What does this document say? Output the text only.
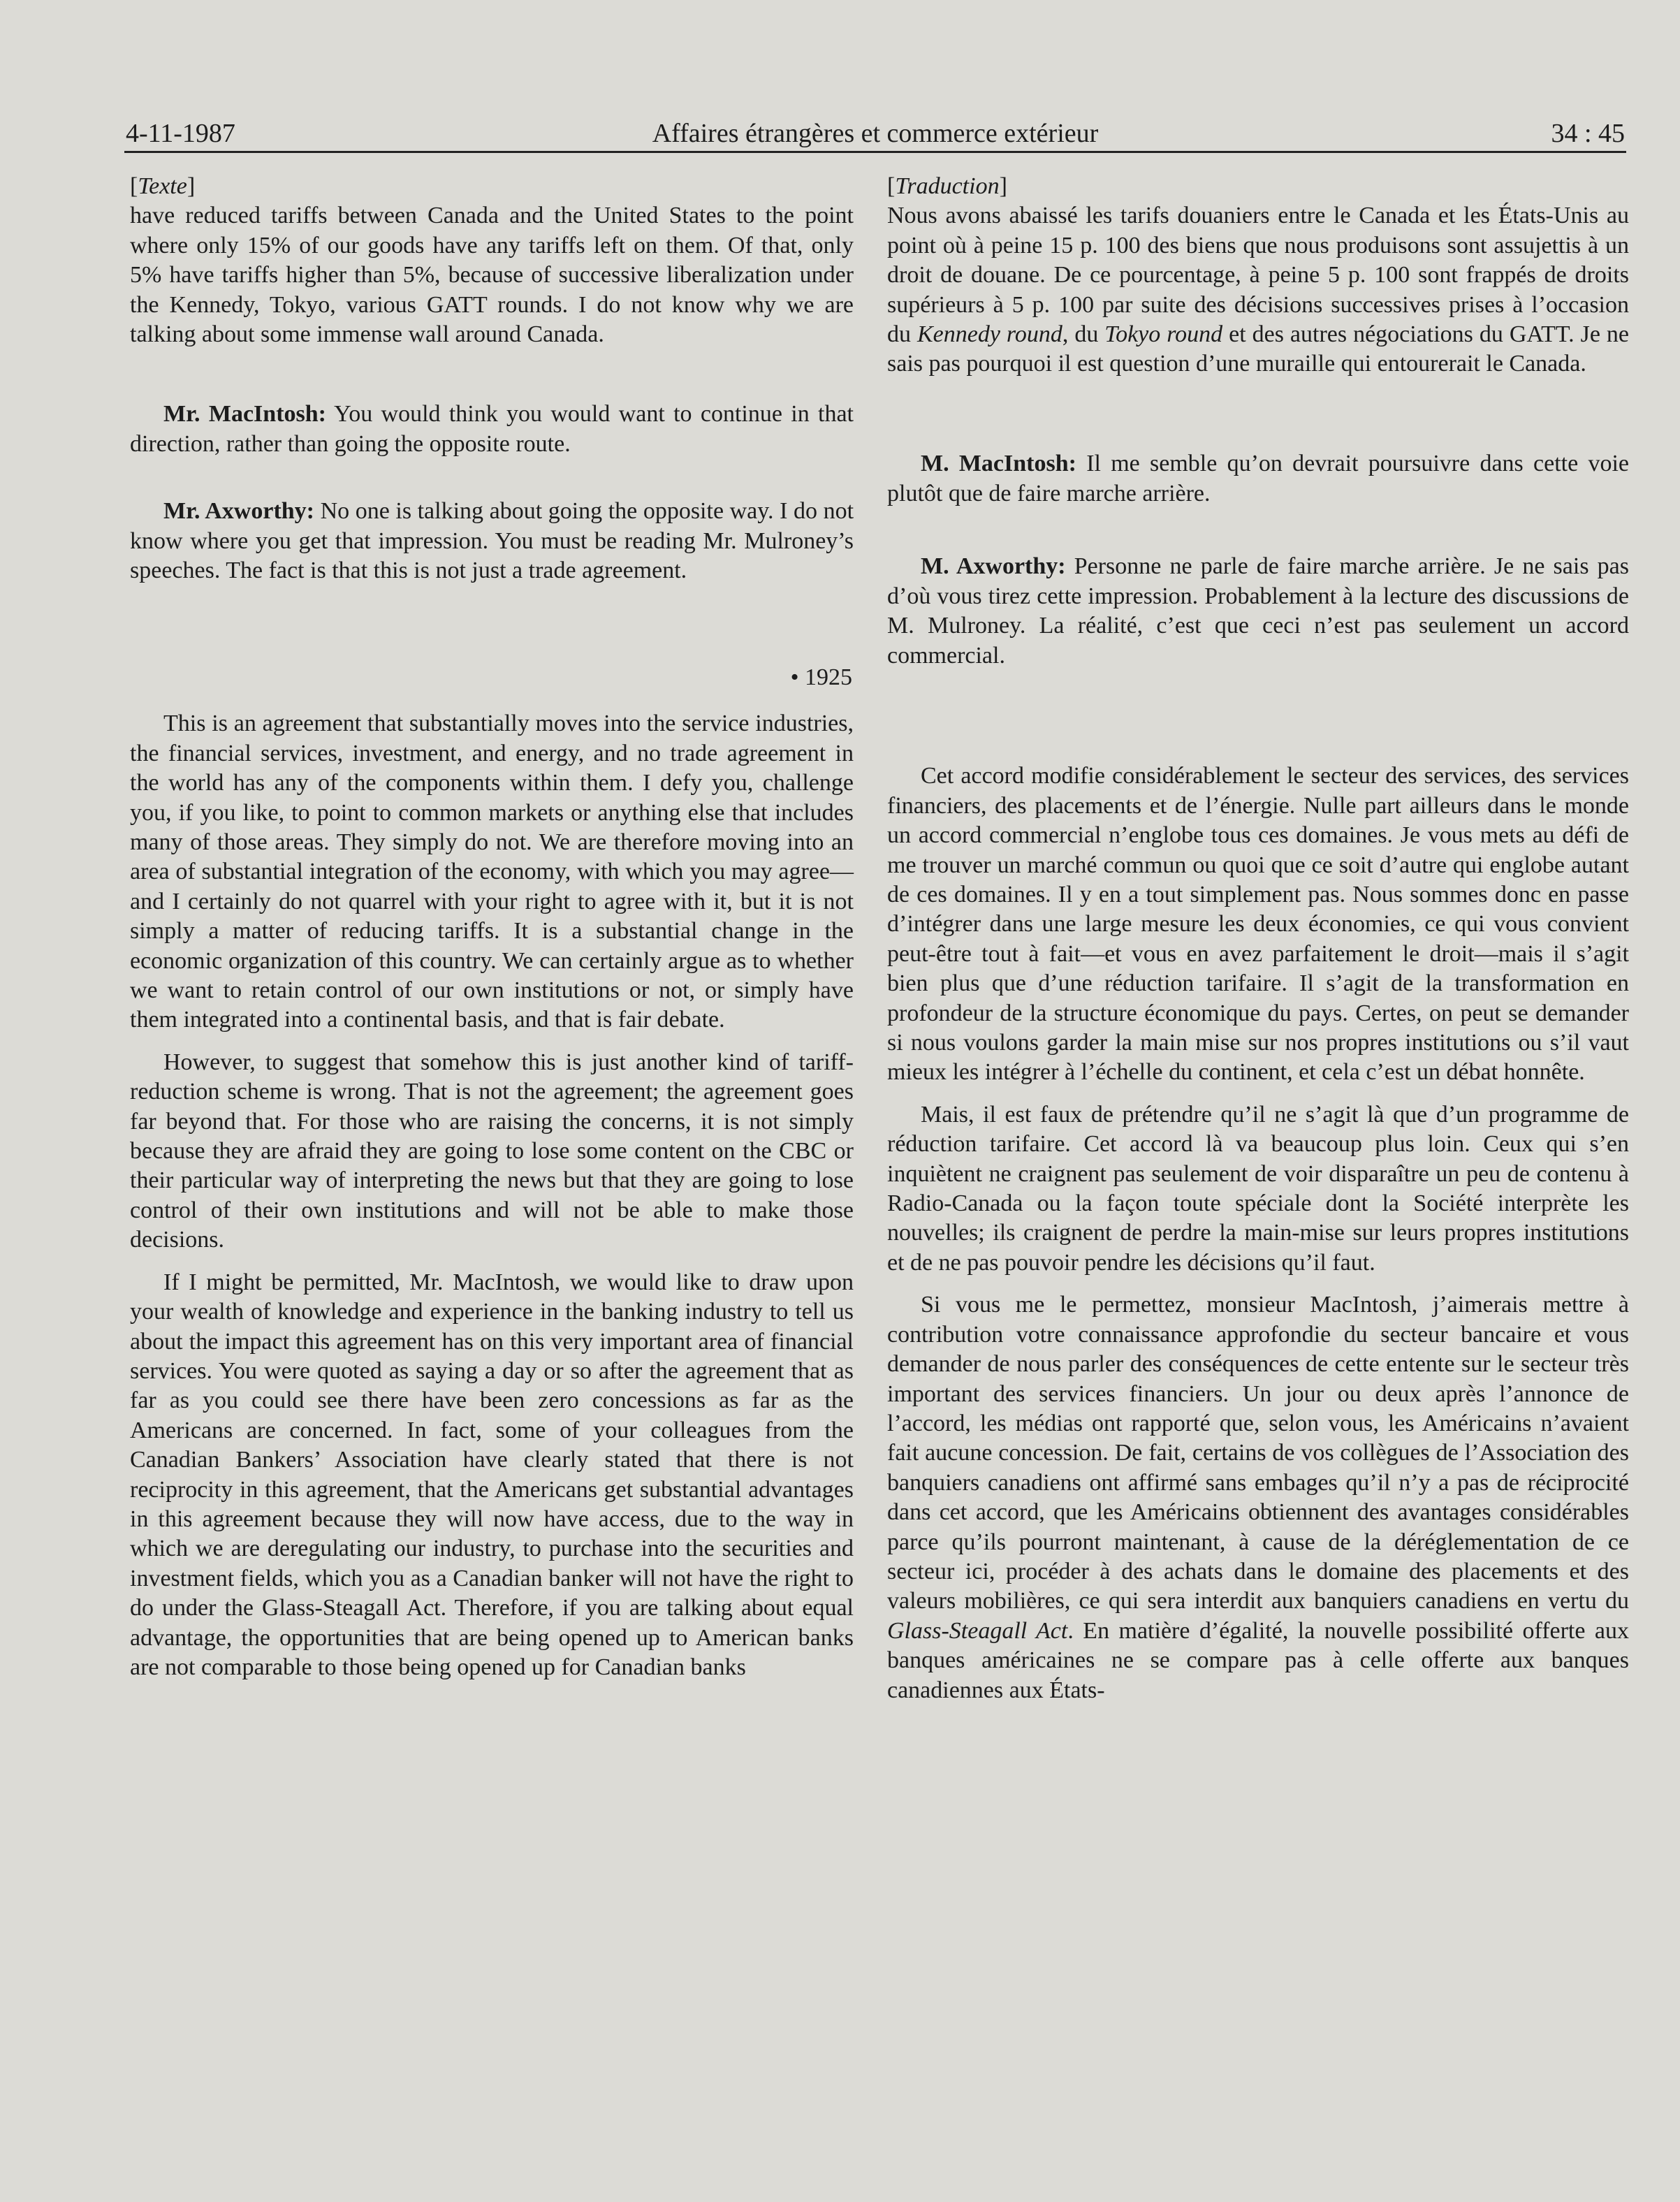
4-11-1987	Affaires étrangères et commerce extérieur	34 : 45

[Texte]

have reduced tariffs between Canada and the United States to the point where only 15% of our goods have any tariffs left on them. Of that, only 5% have tariffs higher than 5%, because of successive liberalization under the Kennedy, Tokyo, various GATT rounds. I do not know why we are talking about some immense wall around Canada.

Mr. MacIntosh: You would think you would want to continue in that direction, rather than going the opposite route.

Mr. Axworthy: No one is talking about going the opposite way. I do not know where you get that impression. You must be reading Mr. Mulroney’s speeches. The fact is that this is not just a trade agreement.

• 1925

This is an agreement that substantially moves into the service industries, the financial services, investment, and energy, and no trade agreement in the world has any of the components within them. I defy you, challenge you, if you like, to point to common markets or anything else that includes many of those areas. They simply do not. We are therefore moving into an area of substantial integration of the economy, with which you may agree—and I certainly do not quarrel with your right to agree with it, but it is not simply a matter of reducing tariffs. It is a substantial change in the economic organization of this country. We can certainly argue as to whether we want to retain control of our own institutions or not, or simply have them integrated into a continental basis, and that is fair debate.

However, to suggest that somehow this is just another kind of tariff-reduction scheme is wrong. That is not the agreement; the agreement goes far beyond that. For those who are raising the concerns, it is not simply because they are afraid they are going to lose some content on the CBC or their particular way of interpreting the news but that they are going to lose control of their own institutions and will not be able to make those decisions.

If I might be permitted, Mr. MacIntosh, we would like to draw upon your wealth of knowledge and experience in the banking industry to tell us about the impact this agreement has on this very important area of financial services. You were quoted as saying a day or so after the agreement that as far as you could see there have been zero concessions as far as the Americans are concerned. In fact, some of your colleagues from the Canadian Bankers’ Association have clearly stated that there is not reciprocity in this agreement, that the Americans get substantial advantages in this agreement because they will now have access, due to the way in which we are deregulating our industry, to purchase into the securities and investment fields, which you as a Canadian banker will not have the right to do under the Glass-Steagall Act. Therefore, if you are talking about equal advantage, the opportunities that are being opened up to American banks are not comparable to those being opened up for Canadian banks

[Traduction]

Nous avons abaissé les tarifs douaniers entre le Canada et les États-Unis au point où à peine 15 p. 100 des biens que nous produisons sont assujettis à un droit de douane. De ce pourcentage, à peine 5 p. 100 sont frappés de droits supérieurs à 5 p. 100 par suite des décisions successives prises à l’occasion du Kennedy round, du Tokyo round et des autres négociations du GATT. Je ne sais pas pourquoi il est question d’une muraille qui entourerait le Canada.

M. MacIntosh: Il me semble qu’on devrait poursuivre dans cette voie plutôt que de faire marche arrière.

M. Axworthy: Personne ne parle de faire marche arrière. Je ne sais pas d’où vous tirez cette impression. Probablement à la lecture des discussions de M. Mulroney. La réalité, c’est que ceci n’est pas seulement un accord commercial.

Cet accord modifie considérablement le secteur des services, des services financiers, des placements et de l’énergie. Nulle part ailleurs dans le monde un accord commercial n’englobe tous ces domaines. Je vous mets au défi de me trouver un marché commun ou quoi que ce soit d’autre qui englobe autant de ces domaines. Il y en a tout simplement pas. Nous sommes donc en passe d’intégrer dans une large mesure les deux économies, ce qui vous convient peut-être tout à fait—et vous en avez parfaitement le droit—mais il s’agit bien plus que d’une réduction tarifaire. Il s’agit de la transformation en profondeur de la structure économique du pays. Certes, on peut se demander si nous voulons garder la main mise sur nos propres institutions ou s’il vaut mieux les intégrer à l’échelle du continent, et cela c’est un débat honnête.

Mais, il est faux de prétendre qu’il ne s’agit là que d’un programme de réduction tarifaire. Cet accord là va beaucoup plus loin. Ceux qui s’en inquiètent ne craignent pas seulement de voir disparaître un peu de contenu à Radio-Canada ou la façon toute spéciale dont la Société interprète les nouvelles; ils craignent de perdre la main-mise sur leurs propres institutions et de ne pas pouvoir pendre les décisions qu’il faut.

Si vous me le permettez, monsieur MacIntosh, j’aimerais mettre à contribution votre connaissance approfondie du secteur bancaire et vous demander de nous parler des conséquences de cette entente sur le secteur très important des services financiers. Un jour ou deux après l’annonce de l’accord, les médias ont rapporté que, selon vous, les Américains n’avaient fait aucune concession. De fait, certains de vos collègues de l’Association des banquiers canadiens ont affirmé sans embages qu’il n’y a pas de réciprocité dans cet accord, que les Américains obtiennent des avantages considérables parce qu’ils pourront maintenant, à cause de la déréglementation de ce secteur ici, procéder à des achats dans le domaine des placements et des valeurs mobilières, ce qui sera interdit aux banquiers canadiens en vertu du Glass-Steagall Act. En matière d’égalité, la nouvelle possibilité offerte aux banques américaines ne se compare pas à celle offerte aux banques canadiennes aux États-
